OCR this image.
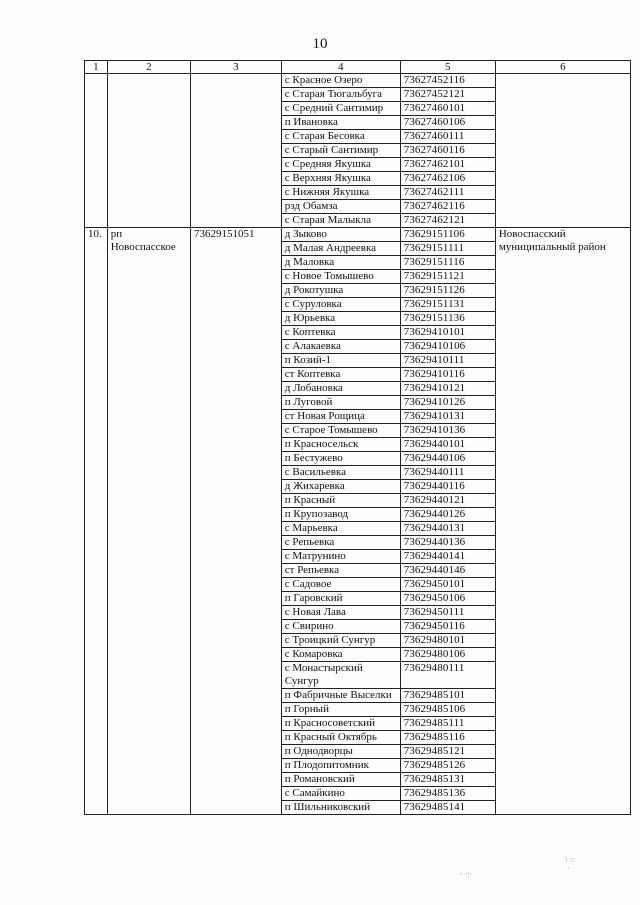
10
1	2	3	4	5	6
			с Красное Озеро	73627452116	
			с Старая Тюгальбуга	73627452121	
			с Средний Сантимир	73627460101	
			п Ивановка	73627460106	
			с Старая Бесовка	73627460111	
			с Старый Сантимир	73627460116	
			с Средняя Якушка	73627462101	
			с Верхняя Якушка	73627462106	
			с Нижняя Якушка	73627462111	
			рзд Обамза	73627462116	
			с Старая Малыкла	73627462121	
10.	рп Новоспасское	73629151051	д Зыково	73629151106	Новоспасский муниципальный район
			д Малая Андреевка	73629151111	
			д Маловка	73629151116	
			с Новое Томышево	73629151121	
			д Рокотушка	73629151126	
			с Суруловка	73629151131	
			д Юрьевка	73629151136	
			с Коптевка	73629410101	
			с Алакаевка	73629410106	
			п Козий-1	73629410111	
			ст Коптевка	73629410116	
			д Лобановка	73629410121	
			п Луговой	73629410126	
			ст Новая Рощица	73629410131	
			с Старое Томышево	73629410136	
			п Красносельск	73629440101	
			п Бестужево	73629440106	
			с Васильевка	73629440111	
			д Жихаревка	73629440116	
			п Красный	73629440121	
			п Крупозавод	73629440126	
			с Марьевка	73629440131	
			с Репьевка	73629440136	
			с Матрунино	73629440141	
			ст Репьевка	73629440146	
			с Садовое	73629450101	
			п Гаровский	73629450106	
			с Новая Лава	73629450111	
			с Свирино	73629450116	
			с Троицкий Сунгур	73629480101	
			с Комаровка	73629480106	
			с Монастырский Сунгур	73629480111	
			п Фабричные Выселки	73629485101	
			п Горный	73629485106	
			п Красносоветский	73629485111	
			п Красный Октябрь	73629485116	
			п Однодворцы	73629485121	
			п Плодопитомник	73629485126	
			п Романовский	73629485131	
			с Самайкино	73629485136	
			п Шильниковский	73629485141	
· ·:·
\ ·:
·
